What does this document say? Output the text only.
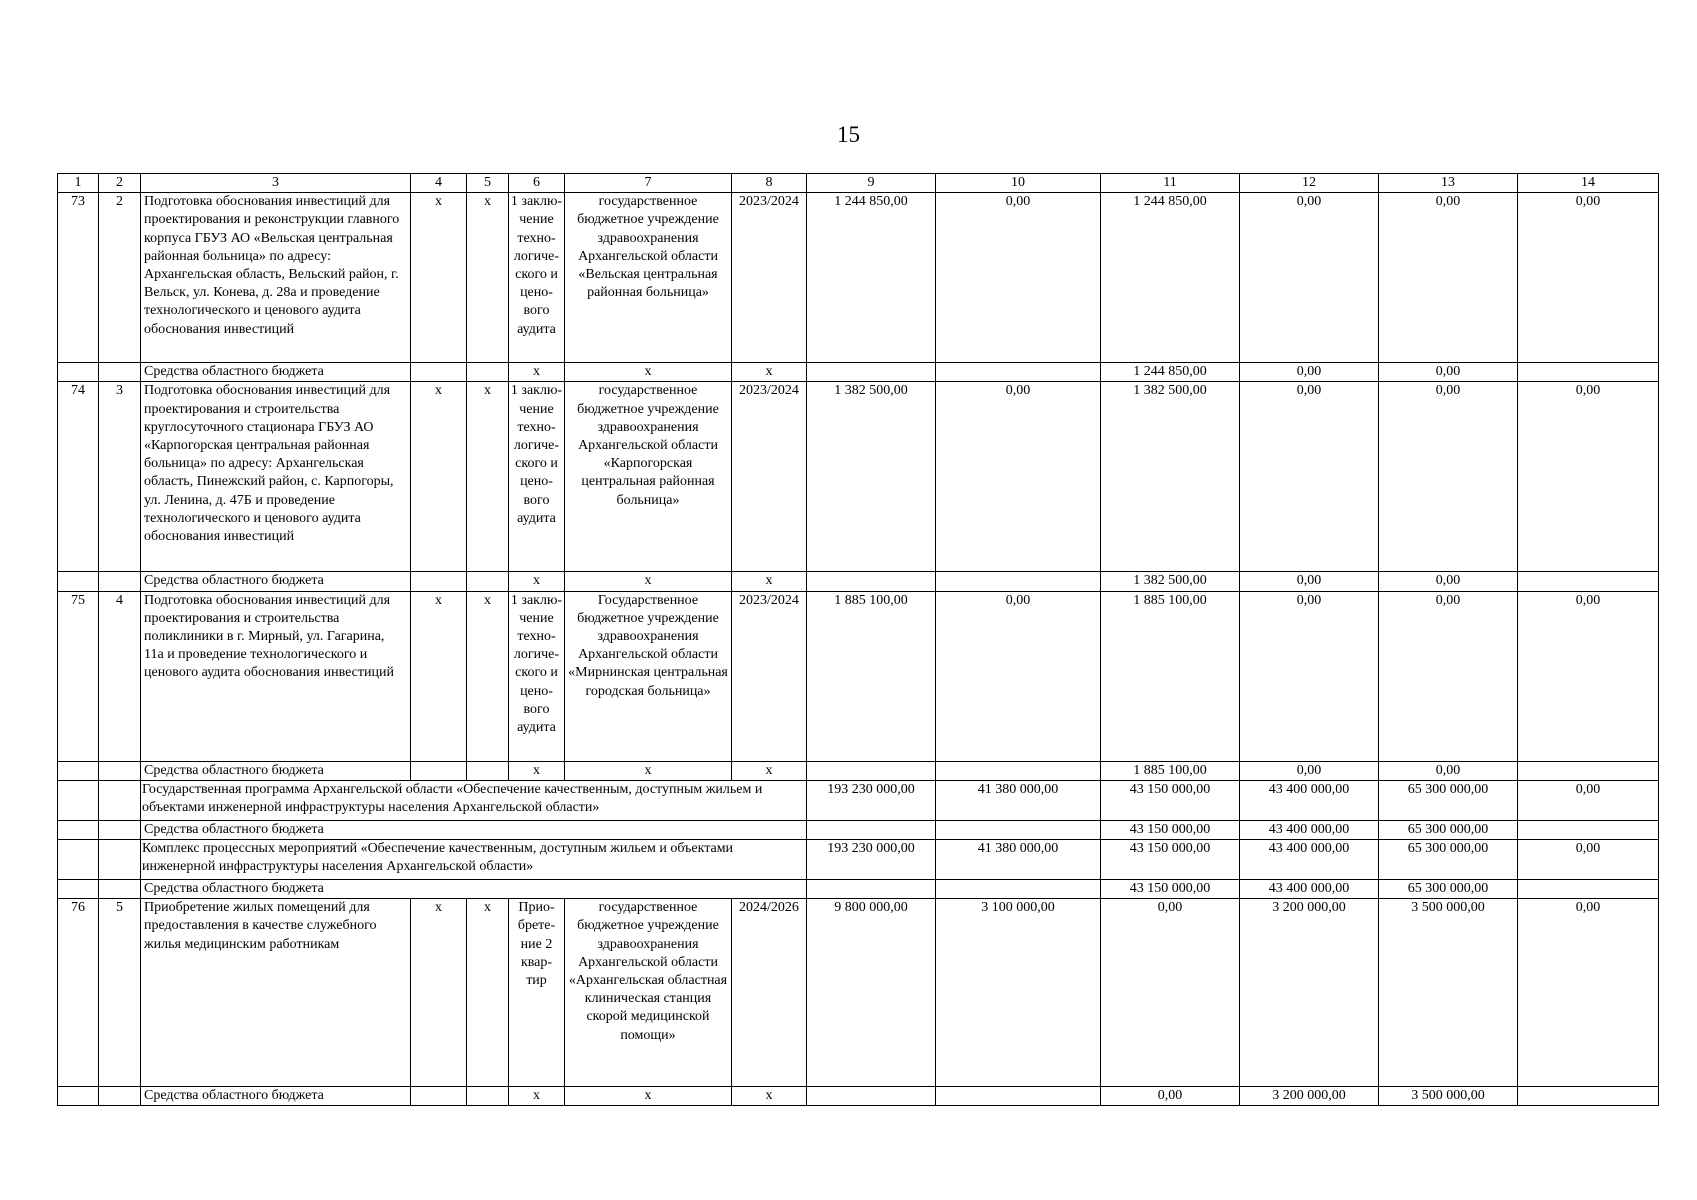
15
1	2	3	4	5	6	7	8	9	10	11	12	13	14
73	2	Подготовка обоснования инвестиций для проектирования и реконструкции главного корпуса ГБУЗ АО «Вельская центральная районная больница» по адресу: Архангельская область, Вельский район, г. Вельск, ул. Конева, д. 28а и проведение технологического и ценового аудита обоснования инвестиций	х	х	1 заклю- чение техно- логиче- ского и цено- вого аудита	государственное бюджетное учреждение здравоохранения Архангельской области «Вельская центральная районная больница»	2023/2024	1 244 850,00	0,00	1 244 850,00	0,00	0,00	0,00
		Средства областного бюджета			х	х	х			1 244 850,00	0,00	0,00	
74	3	Подготовка обоснования инвестиций для проектирования и строительства круглосуточного стационара ГБУЗ АО «Карпогорская центральная районная больница» по адресу: Архангельская область, Пинежский район, с. Карпогоры, ул. Ленина, д. 47Б и проведение технологического и ценового аудита обоснования инвестиций	х	х	1 заклю- чение техно- логиче- ского и цено- вого аудита	государственное бюджетное учреждение здравоохранения Архангельской области «Карпогорская центральная районная больница»	2023/2024	1 382 500,00	0,00	1 382 500,00	0,00	0,00	0,00
		Средства областного бюджета			х	х	х			1 382 500,00	0,00	0,00	
75	4	Подготовка обоснования инвестиций для проектирования и строительства поликлиники в г. Мирный, ул. Гагарина, 11а и проведение технологического и ценового аудита обоснования инвестиций	х	х	1 заклю- чение техно- логиче- ского и цено- вого аудита	Государственное бюджетное учреждение здравоохранения Архангельской области «Мирнинская центральная городская больница»	2023/2024	1 885 100,00	0,00	1 885 100,00	0,00	0,00	0,00
		Средства областного бюджета			х	х	х			1 885 100,00	0,00	0,00	
		Государственная программа Архангельской области «Обеспечение качественным, доступным жильем и объектами инженерной инфраструктуры населения Архангельской области»						193 230 000,00	41 380 000,00	43 150 000,00	43 400 000,00	65 300 000,00	0,00
		Средства областного бюджета								43 150 000,00	43 400 000,00	65 300 000,00	
		Комплекс процессных мероприятий «Обеспечение качественным, доступным жильем и объектами инженерной инфраструктуры населения Архангельской области»						193 230 000,00	41 380 000,00	43 150 000,00	43 400 000,00	65 300 000,00	0,00
		Средства областного бюджета								43 150 000,00	43 400 000,00	65 300 000,00	
76	5	Приобретение жилых помещений для предоставления в качестве служебного жилья медицинским работникам	х	х	Прио- брете- ние 2 квар- тир	государственное бюджетное учреждение здравоохранения Архангельской области «Архангельская областная клиническая станция скорой медицинской помощи»	2024/2026	9 800 000,00	3 100 000,00	0,00	3 200 000,00	3 500 000,00	0,00
		Средства областного бюджета			х	х	х			0,00	3 200 000,00	3 500 000,00	
